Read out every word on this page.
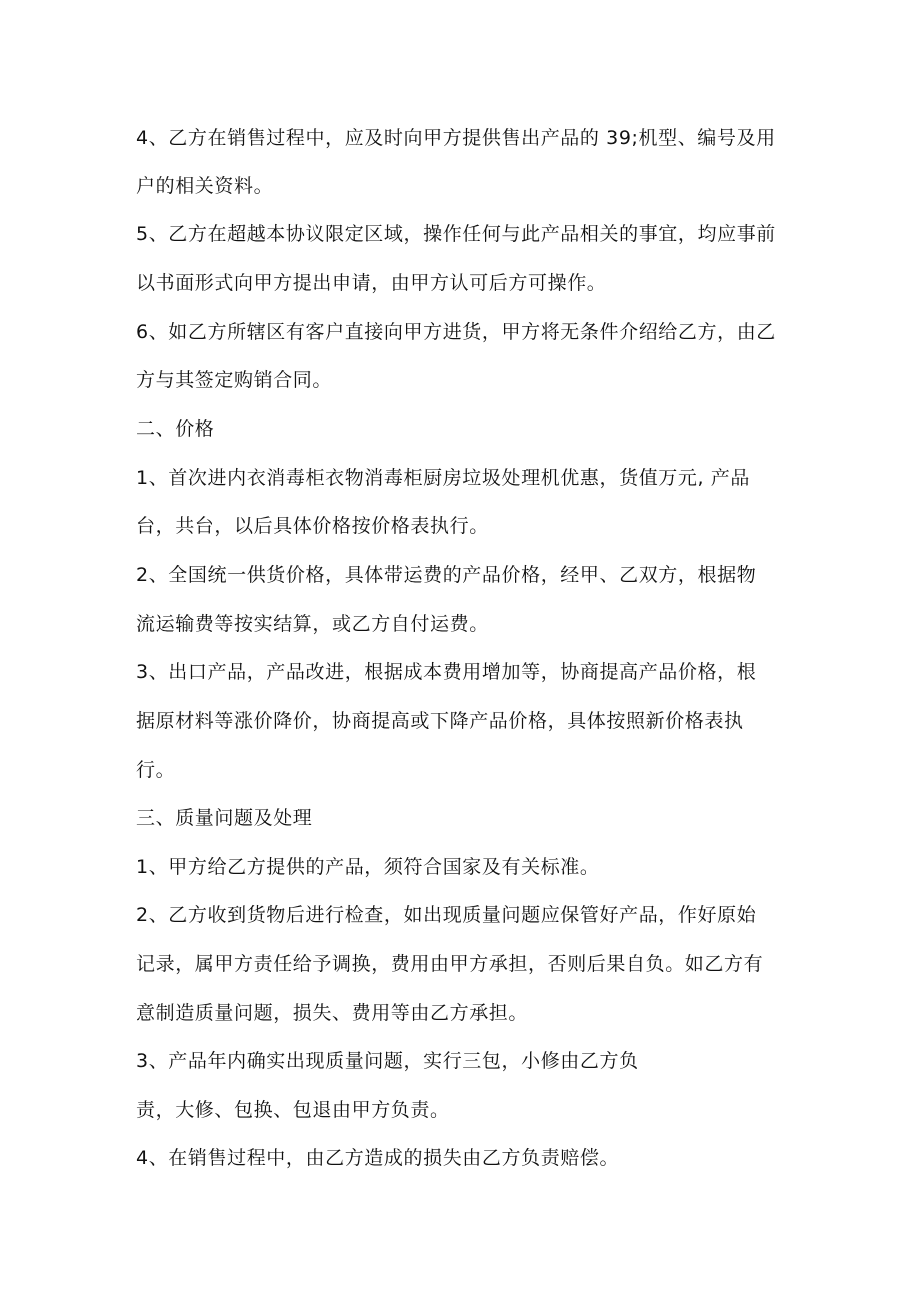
4、乙方在销售过程中，应及时向甲方提供售出产品的 39;机型、编号及用
户的相关资料。
5、乙方在超越本协议限定区域，操作任何与此产品相关的事宜，均应事前
以书面形式向甲方提出申请，由甲方认可后方可操作。
6、如乙方所辖区有客户直接向甲方进货，甲方将无条件介绍给乙方，由乙
方与其签定购销合同。
二、价格
1、首次进内衣消毒柜衣物消毒柜厨房垃圾处理机优惠，货值万元, 产品
台，共台，以后具体价格按价格表执行。
2、全国统一供货价格，具体带运费的产品价格，经甲、乙双方，根据物
流运输费等按实结算，或乙方自付运费。
3、出口产品，产品改进，根据成本费用增加等，协商提高产品价格，根
据原材料等涨价降价，协商提高或下降产品价格，具体按照新价格表执
行。
三、质量问题及处理
1、甲方给乙方提供的产品，须符合国家及有关标准。
2、乙方收到货物后进行检查，如出现质量问题应保管好产品，作好原始
记录，属甲方责任给予调换，费用由甲方承担，否则后果自负。如乙方有
意制造质量问题，损失、费用等由乙方承担。
3、产品年内确实出现质量问题，实行三包，小修由乙方负
责，大修、包换、包退由甲方负责。
4、在销售过程中，由乙方造成的损失由乙方负责赔偿。
